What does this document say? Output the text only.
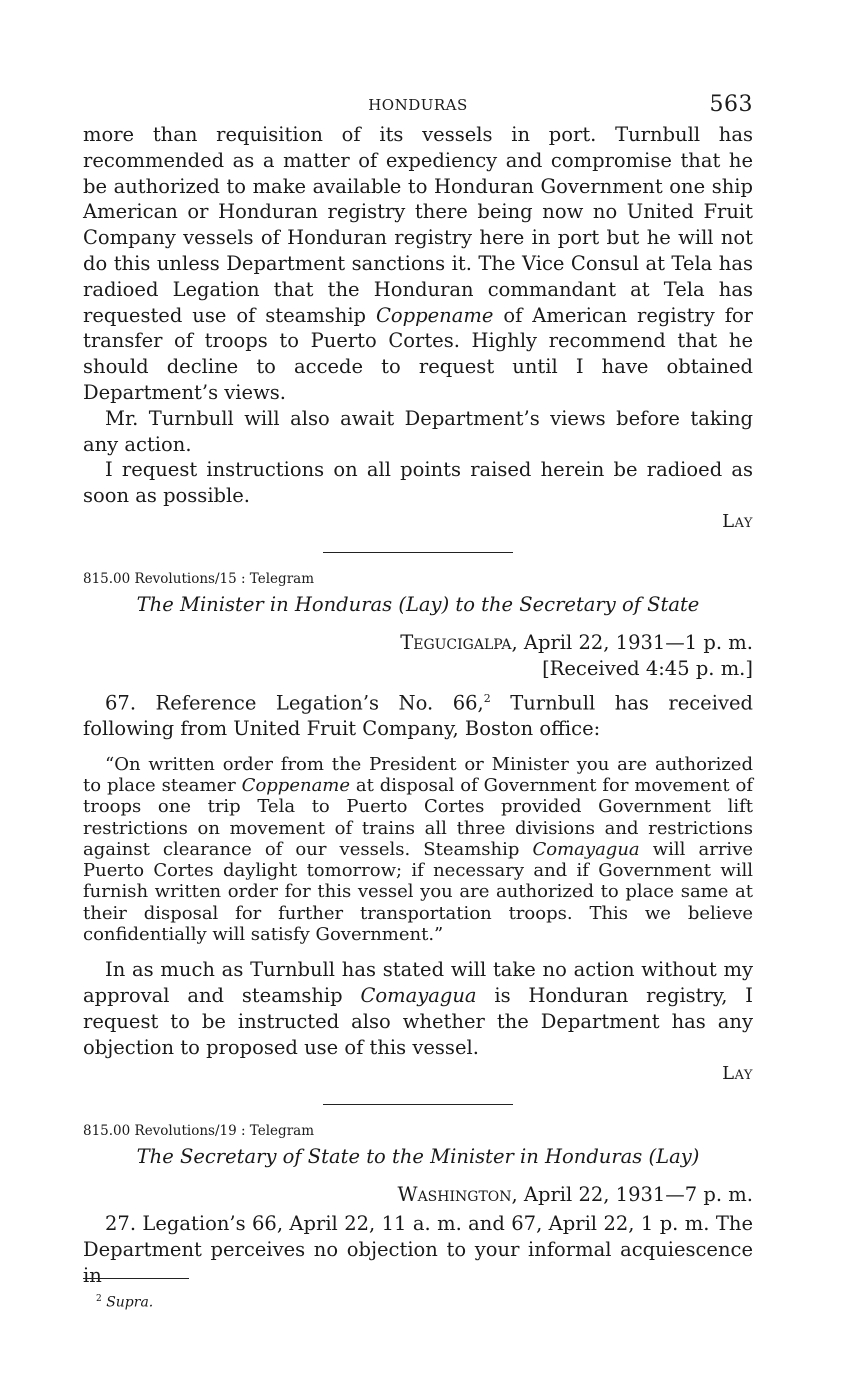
HONDURAS	563

more than requisition of its vessels in port. Turnbull has recommended as a matter of expediency and compromise that he be authorized to make available to Honduran Government one ship American or Honduran registry there being now no United Fruit Company vessels of Honduran registry here in port but he will not do this unless Department sanctions it. The Vice Consul at Tela has radioed Legation that the Honduran commandant at Tela has requested use of steamship Coppename of American registry for transfer of troops to Puerto Cortes. Highly recommend that he should decline to accede to request until I have obtained Department’s views.

Mr. Turnbull will also await Department’s views before taking any action.

I request instructions on all points raised herein be radioed as soon as possible.

Lay

815.00 Revolutions/15 : Telegram

The Minister in Honduras (Lay) to the Secretary of State

Tegucigalpa, April 22, 1931—1 p. m.
[Received 4:45 p. m.]

67. Reference Legation’s No. 66,$^2$ Turnbull has received following from United Fruit Company, Boston office:

“On written order from the President or Minister you are authorized to place steamer Coppename at disposal of Government for movement of troops one trip Tela to Puerto Cortes provided Government lift restrictions on movement of trains all three divisions and restrictions against clearance of our vessels. Steamship Comayagua will arrive Puerto Cortes daylight tomorrow; if necessary and if Government will furnish written order for this vessel you are authorized to place same at their disposal for further transportation troops. This we believe confidentially will satisfy Government.”

In as much as Turnbull has stated will take no action without my approval and steamship Comayagua is Honduran registry, I request to be instructed also whether the Department has any objection to proposed use of this vessel.

Lay

815.00 Revolutions/19 : Telegram

The Secretary of State to the Minister in Honduras (Lay)

Washington, April 22, 1931—7 p. m.

27. Legation’s 66, April 22, 11 a. m. and 67, April 22, 1 p. m. The Department perceives no objection to your informal acquiescence in

$^2$ Supra.
